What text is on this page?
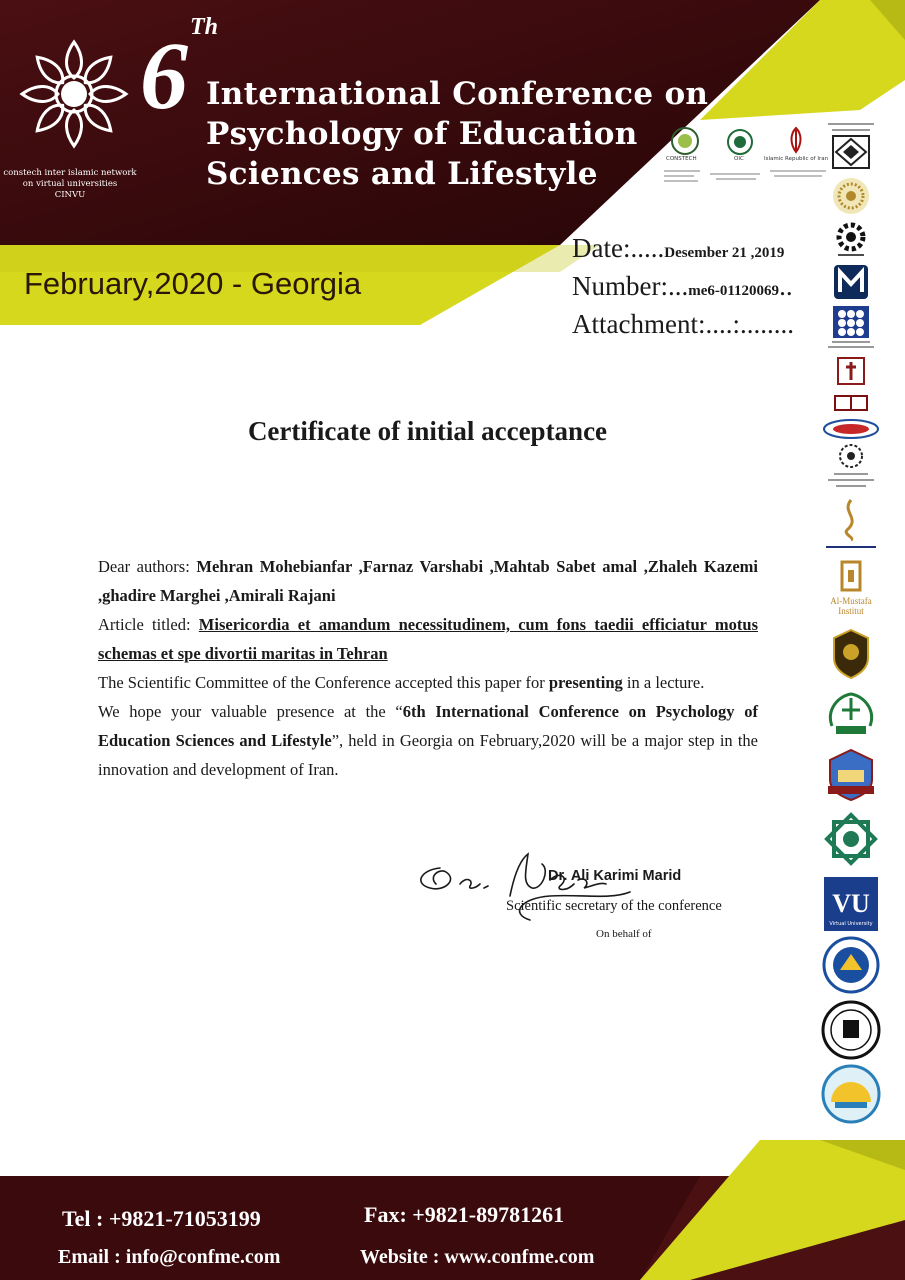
constech inter islamic network
on virtual universities
CINVU
6 Th
International Conference on
Psychology of Education
Sciences and Lifestyle
February,2020 - Georgia
CONSTECH	OIC	Islamic Republic of Iran
Date:.....Desember 21 ,2019
Number:...me6-01120069..
Attachment:....:........
Al-Mustafa
Institut
VU
Virtual University
Certificate of initial acceptance

Dear authors: Mehran Mohebianfar ,Farnaz Varshabi ,Mahtab Sabet amal ,Zhaleh Kazemi ,ghadire Marghei ,Amirali Rajani

Article titled: Misericordia et amandum necessitudinem, cum fons taedii efficiatur motus schemas et spe divortii maritas in Tehran

The Scientific Committee of the Conference accepted this paper for presenting in a lecture.

We hope your valuable presence at the “6th International Conference on Psychology of Education Sciences and Lifestyle”, held in Georgia on February,2020 will be a major step in the innovation and development of Iran.

Dr. Ali Karimi Marid
Scientific secretary of the conference
On behalf of
Tel : +9821-71053199	Fax: +9821-89781261
Email : info@confme.com	Website : www.confme.com
